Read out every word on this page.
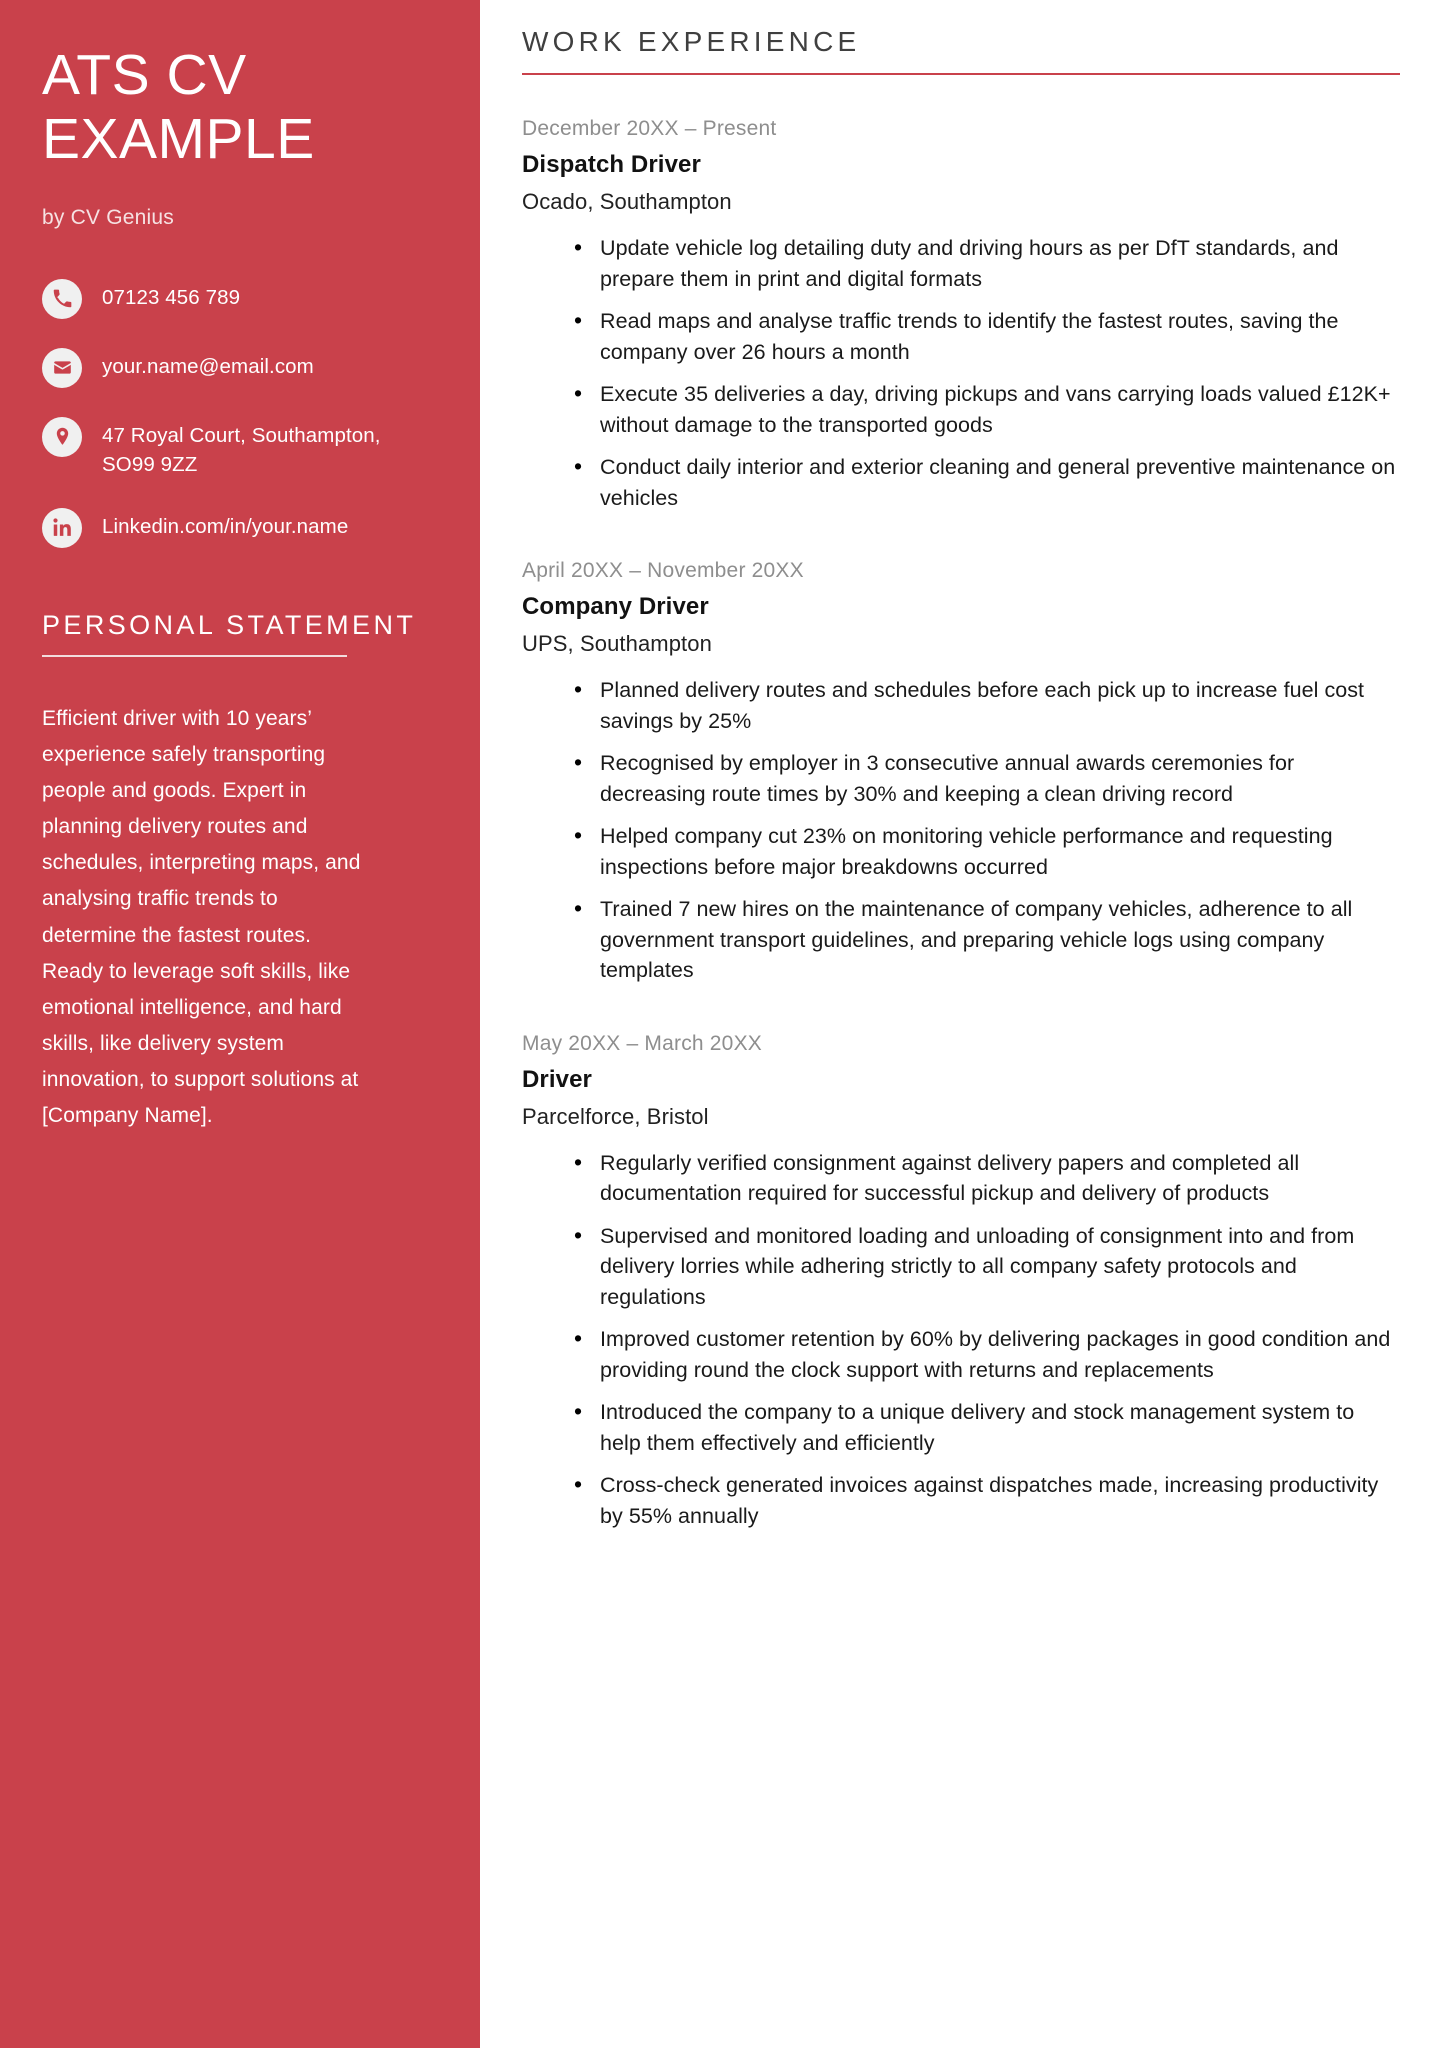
ATS CV EXAMPLE
by CV Genius
07123 456 789
your.name@email.com
47 Royal Court, Southampton, SO99 9ZZ
Linkedin.com/in/your.name
PERSONAL STATEMENT

Efficient driver with 10 years’ experience safely transporting people and goods. Expert in planning delivery routes and schedules, interpreting maps, and analysing traffic trends to determine the fastest routes. Ready to leverage soft skills, like emotional intelligence, and hard skills, like delivery system innovation, to support solutions at [Company Name].

WORK EXPERIENCE
December 20XX – Present
Dispatch Driver
Ocado, Southampton
• Update vehicle log detailing duty and driving hours as per DfT standards, and prepare them in print and digital formats
• Read maps and analyse traffic trends to identify the fastest routes, saving the company over 26 hours a month
• Execute 35 deliveries a day, driving pickups and vans carrying loads valued £12K+ without damage to the transported goods
• Conduct daily interior and exterior cleaning and general preventive maintenance on vehicles
April 20XX – November 20XX
Company Driver
UPS, Southampton
• Planned delivery routes and schedules before each pick up to increase fuel cost savings by 25%
• Recognised by employer in 3 consecutive annual awards ceremonies for decreasing route times by 30% and keeping a clean driving record
• Helped company cut 23% on monitoring vehicle performance and requesting inspections before major breakdowns occurred
• Trained 7 new hires on the maintenance of company vehicles, adherence to all government transport guidelines, and preparing vehicle logs using company templates
May 20XX – March 20XX
Driver
Parcelforce, Bristol
• Regularly verified consignment against delivery papers and completed all documentation required for successful pickup and delivery of products
• Supervised and monitored loading and unloading of consignment into and from delivery lorries while adhering strictly to all company safety protocols and regulations
• Improved customer retention by 60% by delivering packages in good condition and providing round the clock support with returns and replacements
• Introduced the company to a unique delivery and stock management system to help them effectively and efficiently
• Cross-check generated invoices against dispatches made, increasing productivity by 55% annually
